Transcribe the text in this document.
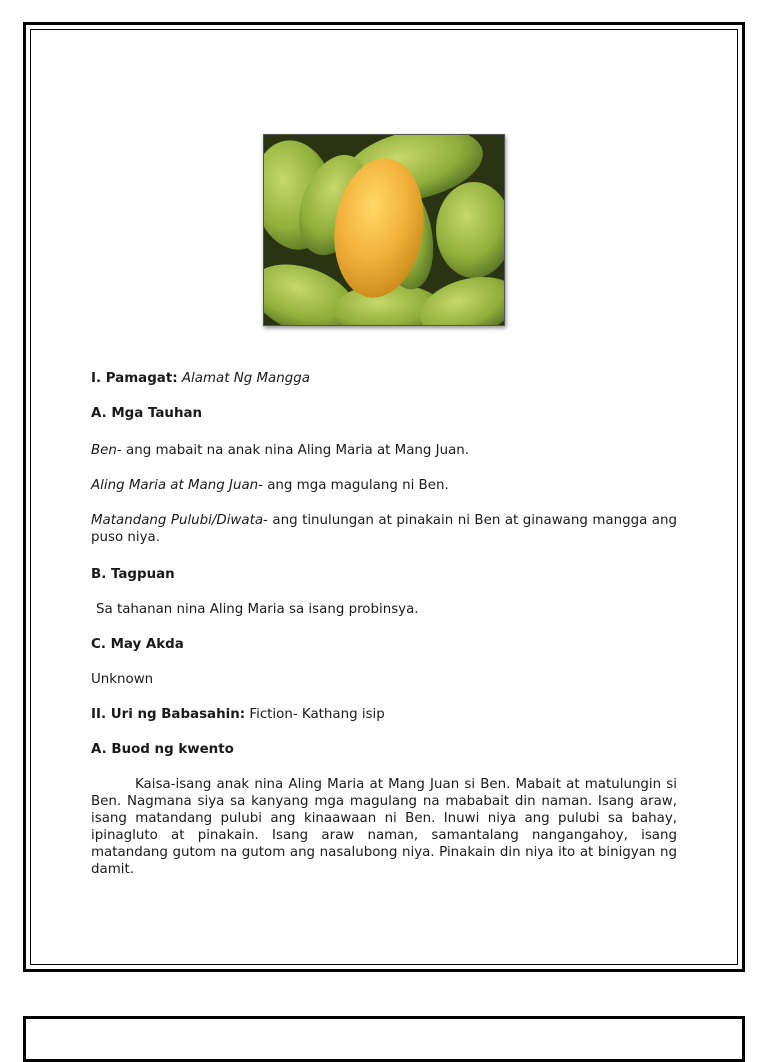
I. Pamagat: Alamat Ng Mangga

A. Mga Tauhan

Ben- ang mabait na anak nina Aling Maria at Mang Juan.

Aling Maria at Mang Juan- ang mga magulang ni Ben.

Matandang Pulubi/Diwata- ang tinulungan at pinakain ni Ben at ginawang mangga ang puso niya.

B. Tagpuan

Sa tahanan nina Aling Maria sa isang probinsya.

C. May Akda

Unknown

II. Uri ng Babasahin: Fiction- Kathang isip

A. Buod ng kwento

Kaisa-isang anak nina Aling Maria at Mang Juan si Ben. Mabait at matulungin si Ben. Nagmana siya sa kanyang mga magulang na mababait din naman. Isang araw, isang matandang pulubi ang kinaawaan ni Ben. Inuwi niya ang pulubi sa bahay, ipinagluto at pinakain. Isang araw naman, samantalang nangangahoy, isang matandang gutom na gutom ang nasalubong niya. Pinakain din niya ito at binigyan ng damit.
